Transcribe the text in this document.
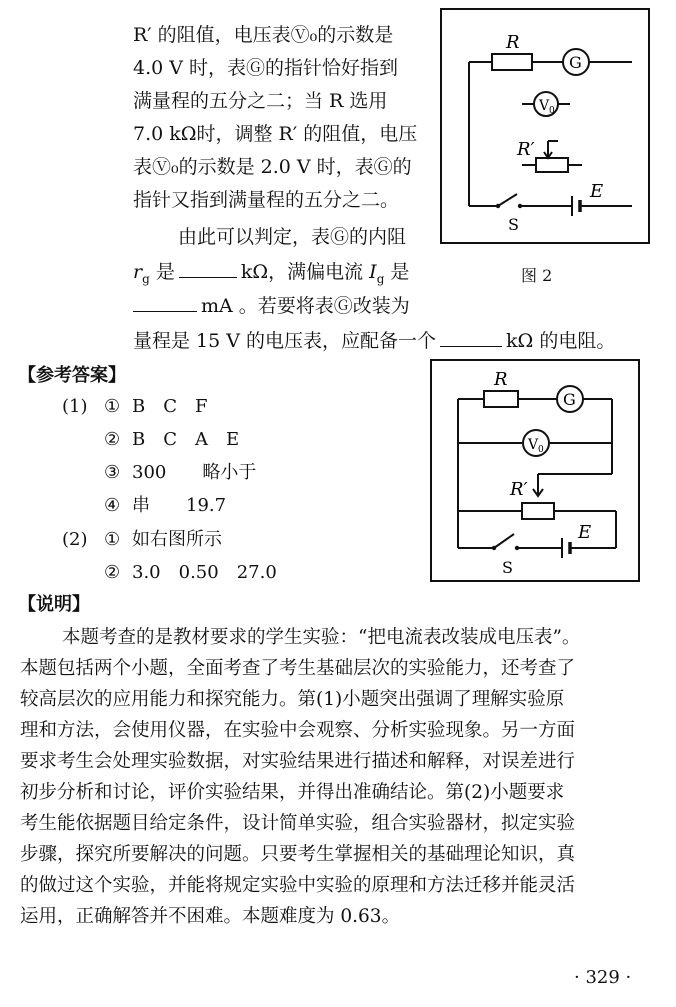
R′ 的阻值，电压表Ⓥ₀的示数是
4.0 V 时，表Ⓖ的指针恰好指到
满量程的五分之二；当 R 选用
7.0 kΩ时，调整 R′ 的阻值，电压
表Ⓥ₀的示数是 2.0 V 时，表Ⓖ的
指针又指到满量程的五分之二。
由此可以判定，表Ⓖ的内阻
$r_g$ 是	kΩ，满偏电流 $I_g$ 是
mA 。若要将表Ⓖ改装为
量程是 15 V 的电压表，应配备一个	kΩ 的电阻。
R
G
V 0
R′
S
E
图 2
【参考答案】
(1) ① B　C　F
② B　C　A　E
③ 300　　略小于
④ 串　　19.7
(2) ① 如右图所示
② 3.0　0.50　27.0
R
G
V 0
R′
S
E
【说明】
本题考查的是教材要求的学生实验：“把电流表改装成电压表”。
本题包括两个小题，全面考查了考生基础层次的实验能力，还考查了
较高层次的应用能力和探究能力。第(1)小题突出强调了理解实验原
理和方法，会使用仪器，在实验中会观察、分析实验现象。另一方面
要求考生会处理实验数据，对实验结果进行描述和解释，对误差进行
初步分析和讨论，评价实验结果，并得出准确结论。第(2)小题要求
考生能依据题目给定条件，设计简单实验，组合实验器材，拟定实验
步骤，探究所要解决的问题。只要考生掌握相关的基础理论知识，真
的做过这个实验，并能将规定实验中实验的原理和方法迁移并能灵活
运用，正确解答并不困难。本题难度为 0.63。
· 329 ·
